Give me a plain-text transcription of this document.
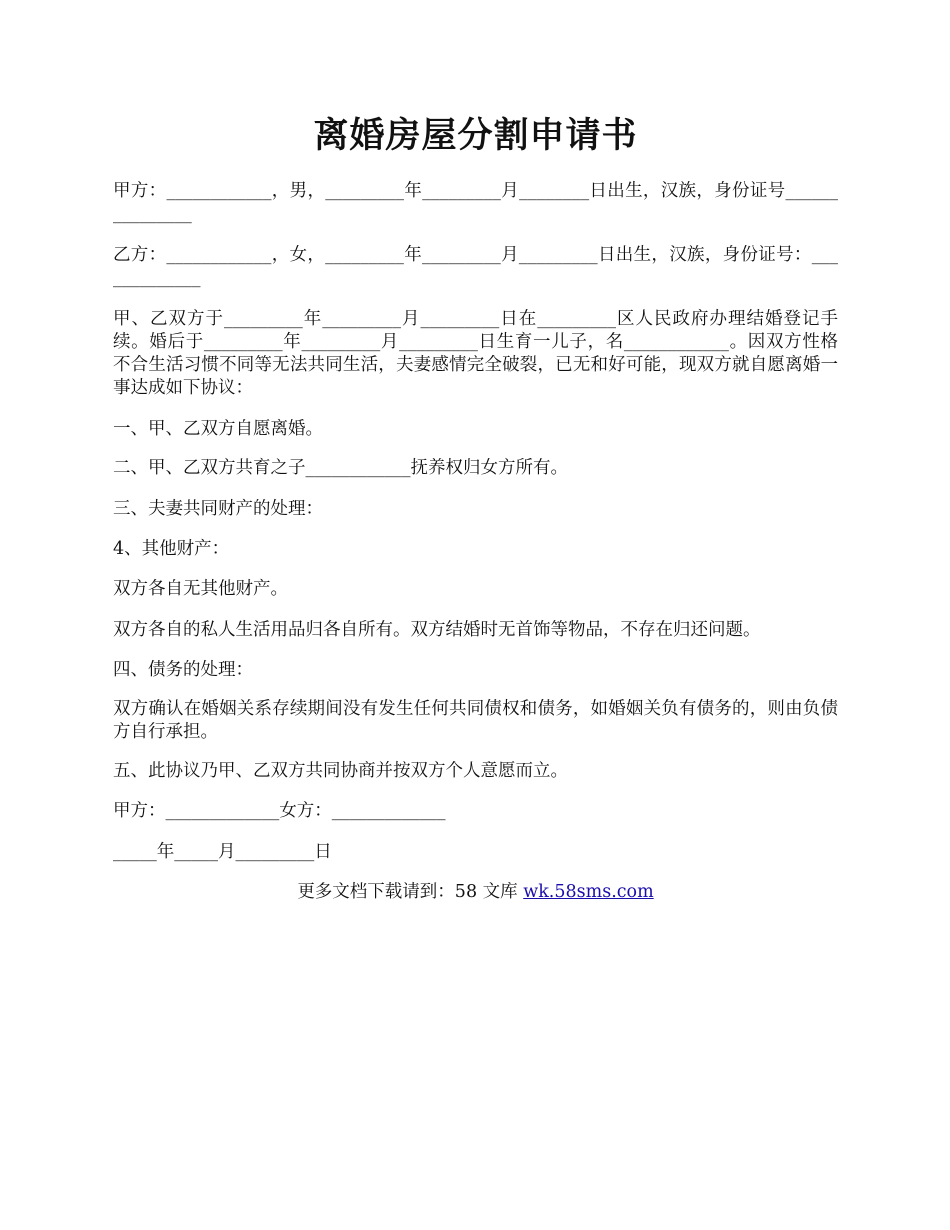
离婚房屋分割申请书
甲方：____________，男，_________年_________月________日出生，汉族，身份证号_______________
乙方：____________，女，_________年_________月_________日出生，汉族，身份证号：_____________
甲、乙双方于_________年_________月_________日在_________区人民政府办理结婚登记手续。婚后于_________年_________月_________日生育一儿子，名____________。因双方性格不合生活习惯不同等无法共同生活，夫妻感情完全破裂，已无和好可能，现双方就自愿离婚一事达成如下协议：
一、甲、乙双方自愿离婚。
二、甲、乙双方共育之子____________抚养权归女方所有。
三、夫妻共同财产的处理：
4、其他财产：
双方各自无其他财产。
双方各自的私人生活用品归各自所有。双方结婚时无首饰等物品，不存在归还问题。
四、债务的处理：
双方确认在婚姻关系存续期间没有发生任何共同债权和债务，如婚姻关负有债务的，则由负债方自行承担。
五、此协议乃甲、乙双方共同协商并按双方个人意愿而立。
甲方：_____________女方：_____________
_____年_____月_________日
更多文档下载请到：58 文库 wk.58sms.com
